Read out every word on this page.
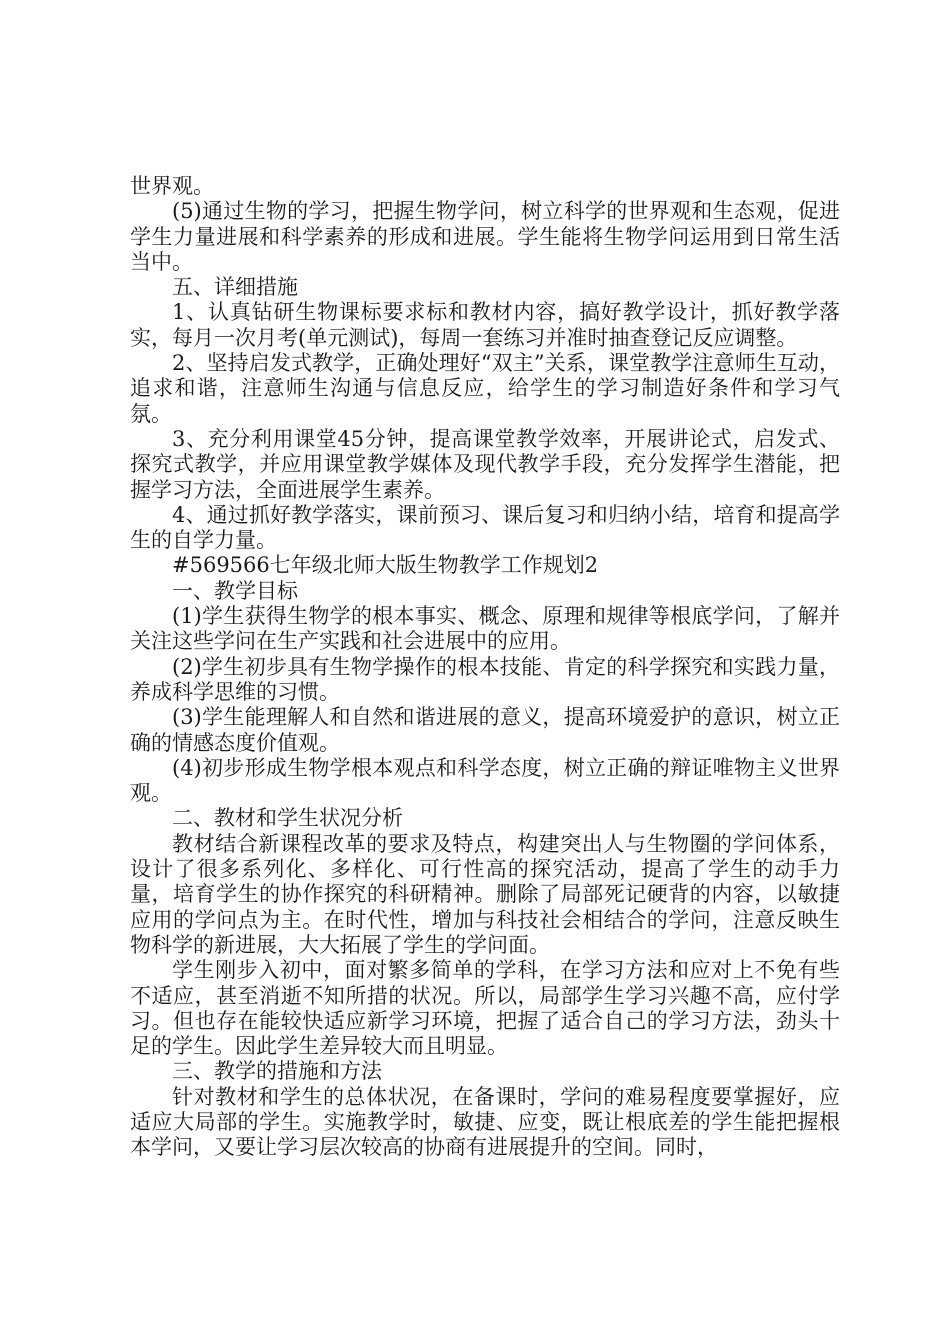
世界观。

(5)通过生物的学习，把握生物学问，树立科学的世界观和生态观，促进学生力量进展和科学素养的形成和进展。学生能将生物学问运用到日常生活当中。

五、详细措施

1、认真钻研生物课标要求标和教材内容，搞好教学设计，抓好教学落实，每月一次月考(单元测试)，每周一套练习并准时抽查登记反应调整。

2、坚持启发式教学，正确处理好“双主”关系，课堂教学注意师生互动，追求和谐，注意师生沟通与信息反应，给学生的学习制造好条件和学习气氛。

3、充分利用课堂45分钟，提高课堂教学效率，开展讲论式，启发式、探究式教学，并应用课堂教学媒体及现代教学手段，充分发挥学生潜能，把握学习方法，全面进展学生素养。

4、通过抓好教学落实，课前预习、课后复习和归纳小结，培育和提高学生的自学力量。

#569566七年级北师大版生物教学工作规划2

一、教学目标

(1)学生获得生物学的根本事实、概念、原理和规律等根底学问，了解并关注这些学问在生产实践和社会进展中的应用。

(2)学生初步具有生物学操作的根本技能、肯定的科学探究和实践力量，养成科学思维的习惯。

(3)学生能理解人和自然和谐进展的意义，提高环境爱护的意识，树立正确的情感态度价值观。

(4)初步形成生物学根本观点和科学态度，树立正确的辩证唯物主义世界观。

二、教材和学生状况分析

教材结合新课程改革的要求及特点，构建突出人与生物圈的学问体系，设计了很多系列化、多样化、可行性高的探究活动，提高了学生的动手力量，培育学生的协作探究的科研精神。删除了局部死记硬背的内容，以敏捷应用的学问点为主。在时代性，增加与科技社会相结合的学问，注意反映生物科学的新进展，大大拓展了学生的学问面。

学生刚步入初中，面对繁多简单的学科，在学习方法和应对上不免有些不适应，甚至消逝不知所措的状况。所以，局部学生学习兴趣不高，应付学习。但也存在能较快适应新学习环境，把握了适合自己的学习方法，劲头十足的学生。因此学生差异较大而且明显。

三、教学的措施和方法

针对教材和学生的总体状况，在备课时，学问的难易程度要掌握好，应适应大局部的学生。实施教学时，敏捷、应变，既让根底差的学生能把握根本学问，又要让学习层次较高的协商有进展提升的空间。同时，
